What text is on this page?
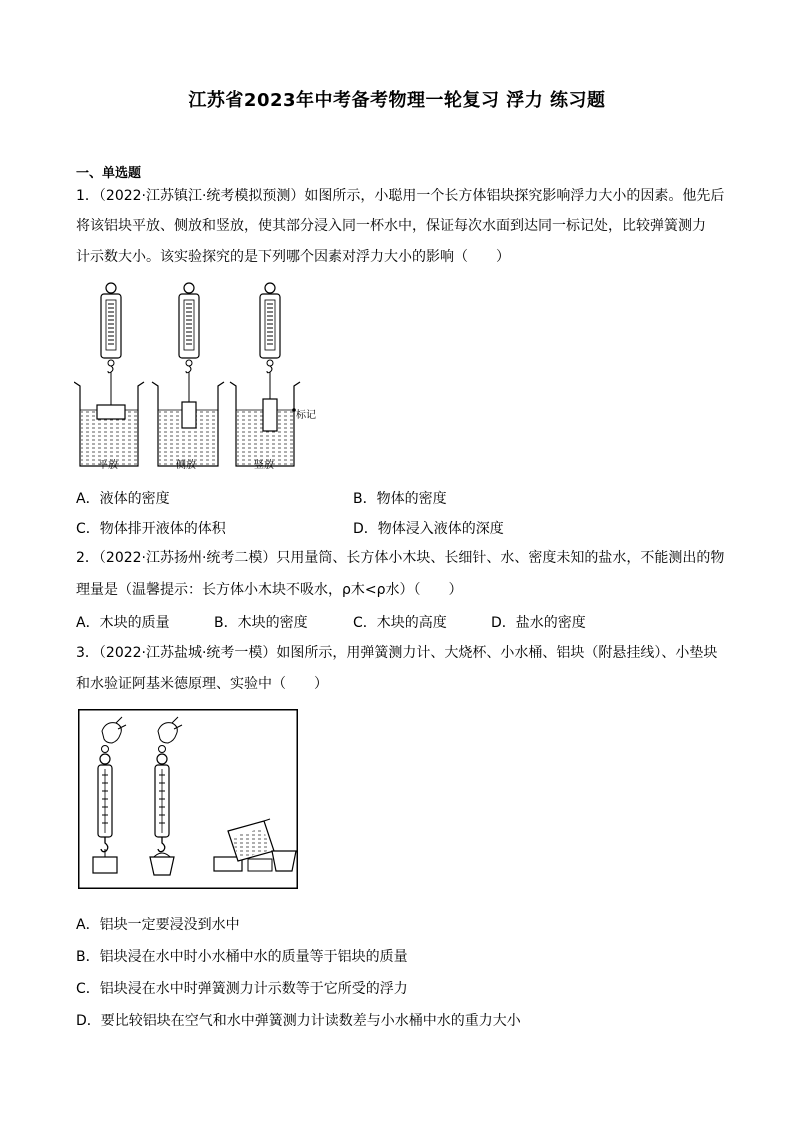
江苏省2023年中考备考物理一轮复习 浮力 练习题
一、单选题
1．（2022·江苏镇江·统考模拟预测）如图所示，小聪用一个长方体铝块探究影响浮力大小的因素。他先后
将该铝块平放、侧放和竖放，使其部分浸入同一杯水中，保证每次水面到达同一标记处，比较弹簧测力
计示数大小。该实验探究的是下列哪个因素对浮力大小的影响（　　）
标记
平放	侧放	竖放
A．液体的密度	B．物体的密度
C．物体排开液体的体积	D．物体浸入液体的深度
2．（2022·江苏扬州·统考二模）只用量筒、长方体小木块、长细针、水、密度未知的盐水，不能测出的物
理量是（温馨提示：长方体小木块不吸水，ρ木<ρ水）（　　）
A．木块的质量	B．木块的密度	C．木块的高度	D．盐水的密度
3．（2022·江苏盐城·统考一模）如图所示，用弹簧测力计、大烧杯、小水桶、铝块（附悬挂线）、小垫块
和水验证阿基米德原理、实验中（　　）
A．铝块一定要浸没到水中
B．铝块浸在水中时小水桶中水的质量等于铝块的质量
C．铝块浸在水中时弹簧测力计示数等于它所受的浮力
D．要比较铝块在空气和水中弹簧测力计读数差与小水桶中水的重力大小
